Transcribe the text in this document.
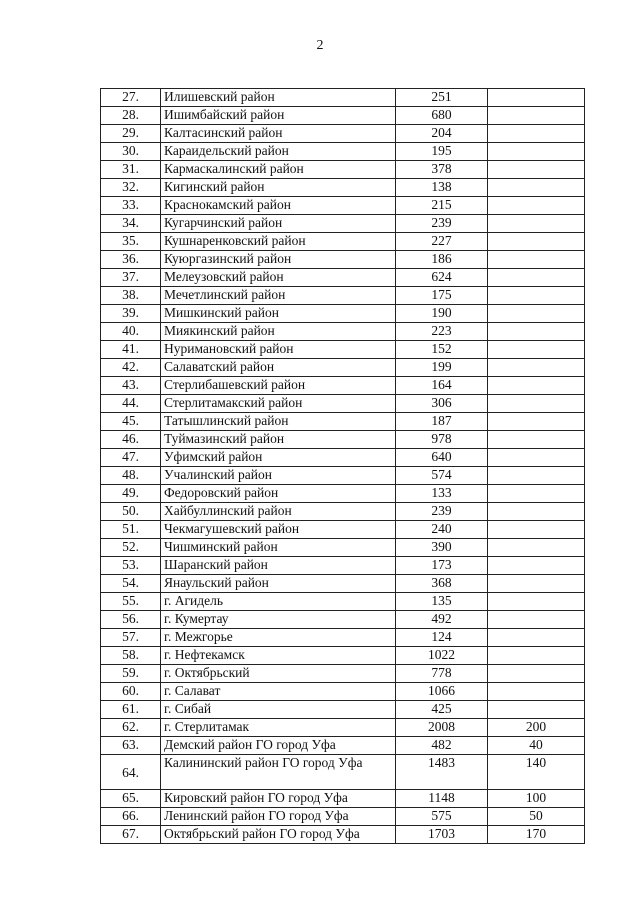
2
27.	Илишевский район	251	
28.	Ишимбайский район	680	
29.	Калтасинский район	204	
30.	Караидельский район	195	
31.	Кармаскалинский район	378	
32.	Кигинский район	138	
33.	Краснокамский район	215	
34.	Кугарчинский район	239	
35.	Кушнаренковский район	227	
36.	Куюргазинский район	186	
37.	Мелеузовский район	624	
38.	Мечетлинский район	175	
39.	Мишкинский район	190	
40.	Миякинский район	223	
41.	Нуримановский район	152	
42.	Салаватский район	199	
43.	Стерлибашевский район	164	
44.	Стерлитамакский район	306	
45.	Татышлинский район	187	
46.	Туймазинский район	978	
47.	Уфимский район	640	
48.	Учалинский район	574	
49.	Федоровский район	133	
50.	Хайбуллинский район	239	
51.	Чекмагушевский район	240	
52.	Чишминский район	390	
53.	Шаранский район	173	
54.	Янаульский район	368	
55.	г. Агидель	135	
56.	г. Кумертау	492	
57.	г. Межгорье	124	
58.	г. Нефтекамск	1022	
59.	г. Октябрьский	778	
60.	г. Салават	1066	
61.	г. Сибай	425	
62.	г. Стерлитамак	2008	200
63.	Демский район ГО город Уфа	482	40
64.	Калининский район ГО город Уфа	1483	140
65.	Кировский район ГО город Уфа	1148	100
66.	Ленинский район ГО город Уфа	575	50
67.	Октябрьский район ГО город Уфа	1703	170
